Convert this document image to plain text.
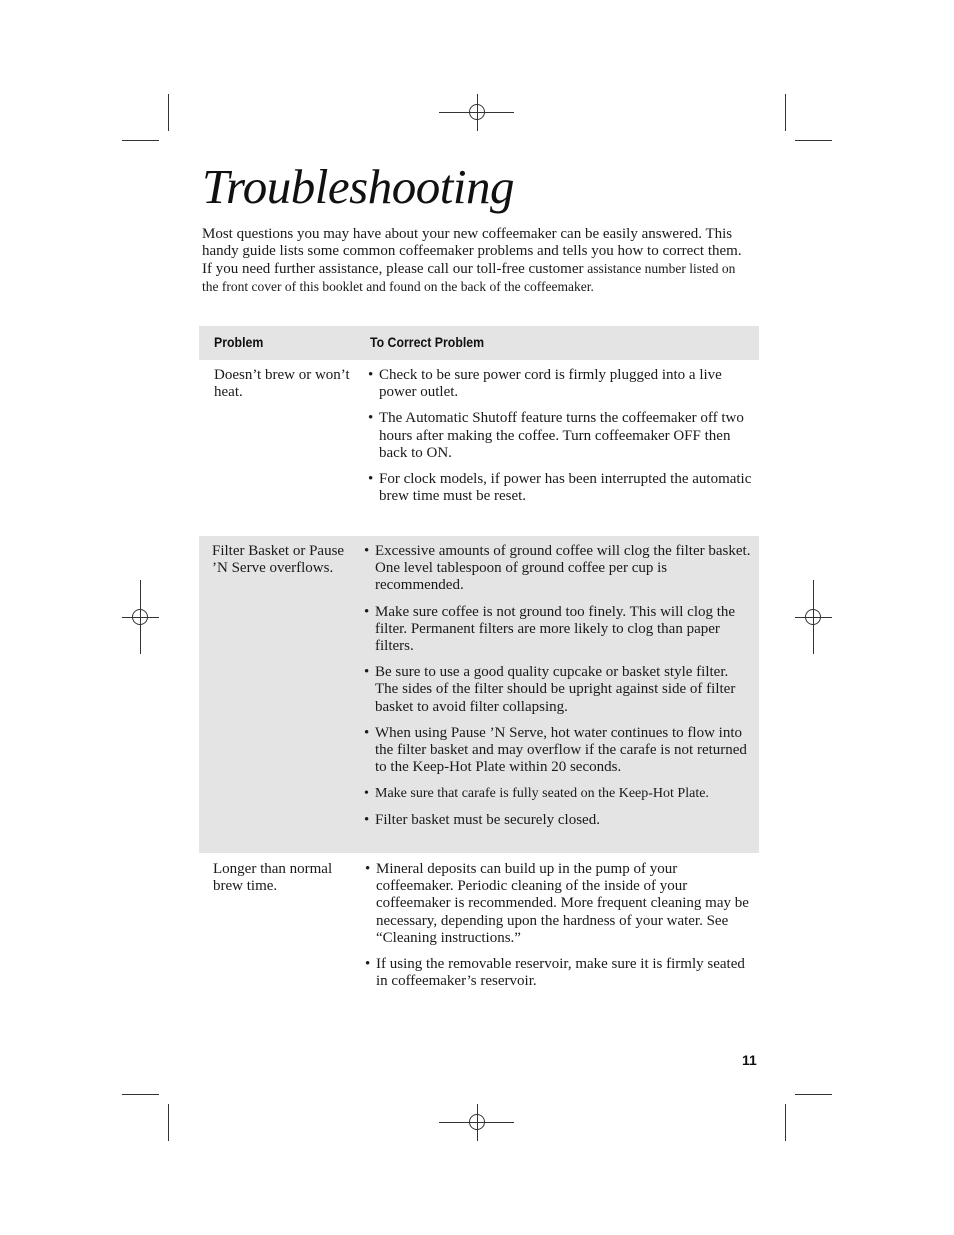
Troubleshooting

Most questions you may have about your new coffeemaker can be easily answered. This handy guide lists some common coffeemaker problems and tells you how to correct them. If you need further assistance, please call our toll-free customer assistance number listed on the front cover of this booklet and found on the back of the coffeemaker.

Problem	To Correct Problem
Doesn’t brew or won’t heat.
• Check to be sure power cord is firmly plugged into a live power outlet.
• The Automatic Shutoff feature turns the coffeemaker off two hours after making the coffee. Turn coffeemaker OFF then back to ON.
• For clock models, if power has been interrupted the automatic brew time must be reset.
Filter Basket or Pause ’N Serve overflows.
• Excessive amounts of ground coffee will clog the filter basket. One level tablespoon of ground coffee per cup is recommended.
• Make sure coffee is not ground too finely. This will clog the filter. Permanent filters are more likely to clog than paper filters.
• Be sure to use a good quality cupcake or basket style filter. The sides of the filter should be upright against side of filter basket to avoid filter collapsing.
• When using Pause ’N Serve, hot water continues to flow into the filter basket and may overflow if the carafe is not returned to the Keep-Hot Plate within 20 seconds.
• Make sure that carafe is fully seated on the Keep-Hot Plate.
• Filter basket must be securely closed.
Longer than normal brew time.
• Mineral deposits can build up in the pump of your coffeemaker. Periodic cleaning of the inside of your coffeemaker is recommended. More frequent cleaning may be necessary, depending upon the hardness of your water. See “Cleaning instructions.”
• If using the removable reservoir, make sure it is firmly seated in coffeemaker’s reservoir.
11
